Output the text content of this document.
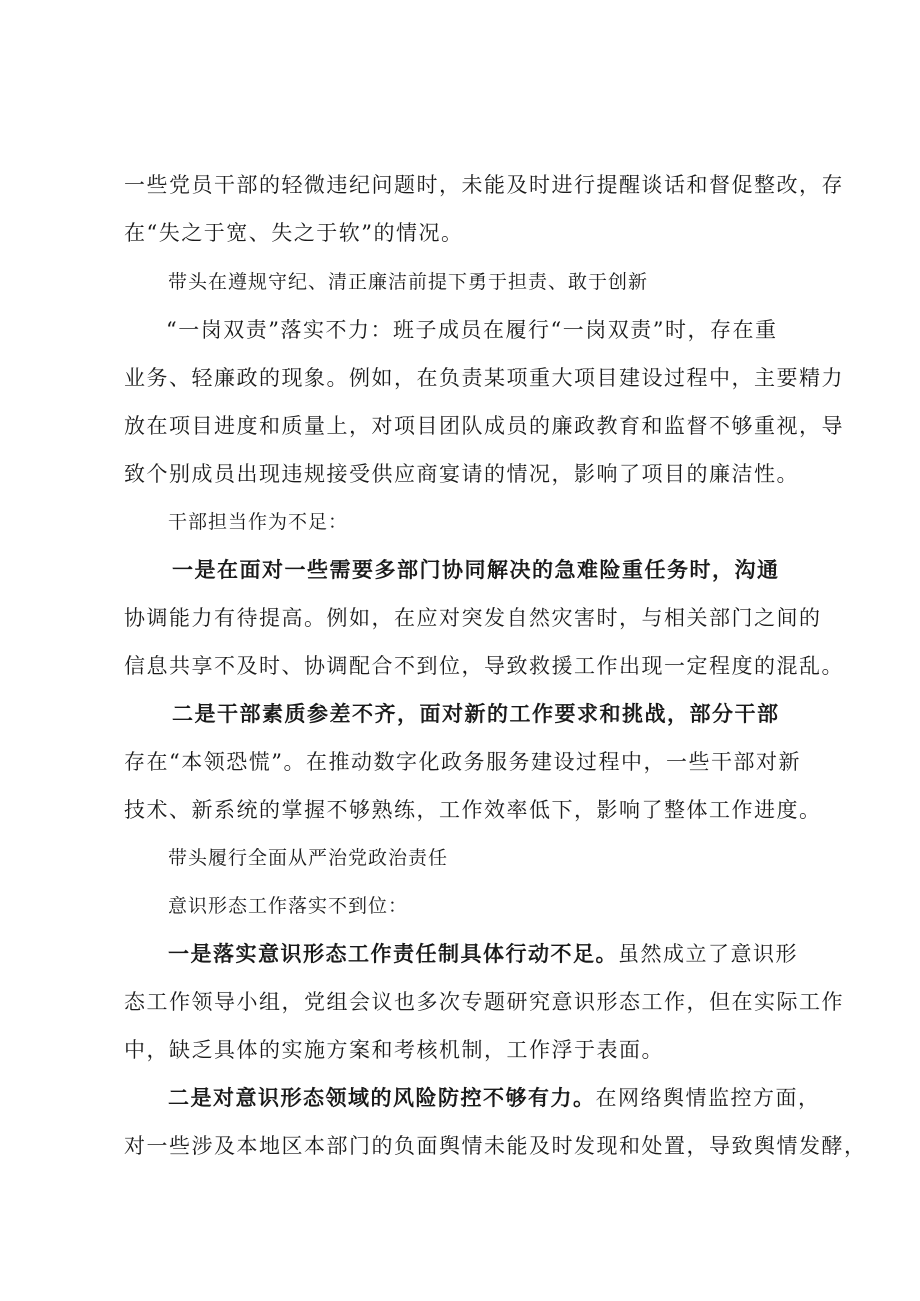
一些党员干部的轻微违纪问题时，未能及时进行提醒谈话和督促整改，存

在“失之于宽、失之于软”的情况。

带头在遵规守纪、清正廉洁前提下勇于担责、敢于创新

“一岗双责”落实不力：班子成员在履行“一岗双责”时，存在重

业务、轻廉政的现象。例如，在负责某项重大项目建设过程中，主要精力

放在项目进度和质量上，对项目团队成员的廉政教育和监督不够重视，导

致个别成员出现违规接受供应商宴请的情况，影响了项目的廉洁性。

干部担当作为不足：

一是在面对一些需要多部门协同解决的急难险重任务时，沟通

协调能力有待提高。例如，在应对突发自然灾害时，与相关部门之间的

信息共享不及时、协调配合不到位，导致救援工作出现一定程度的混乱。

二是干部素质参差不齐，面对新的工作要求和挑战，部分干部

存在“本领恐慌”。在推动数字化政务服务建设过程中，一些干部对新

技术、新系统的掌握不够熟练，工作效率低下，影响了整体工作进度。

带头履行全面从严治党政治责任

意识形态工作落实不到位：

一是落实意识形态工作责任制具体行动不足。虽然成立了意识形

态工作领导小组，党组会议也多次专题研究意识形态工作，但在实际工作

中，缺乏具体的实施方案和考核机制，工作浮于表面。

二是对意识形态领域的风险防控不够有力。在网络舆情监控方面，

对一些涉及本地区本部门的负面舆情未能及时发现和处置，导致舆情发酵，
